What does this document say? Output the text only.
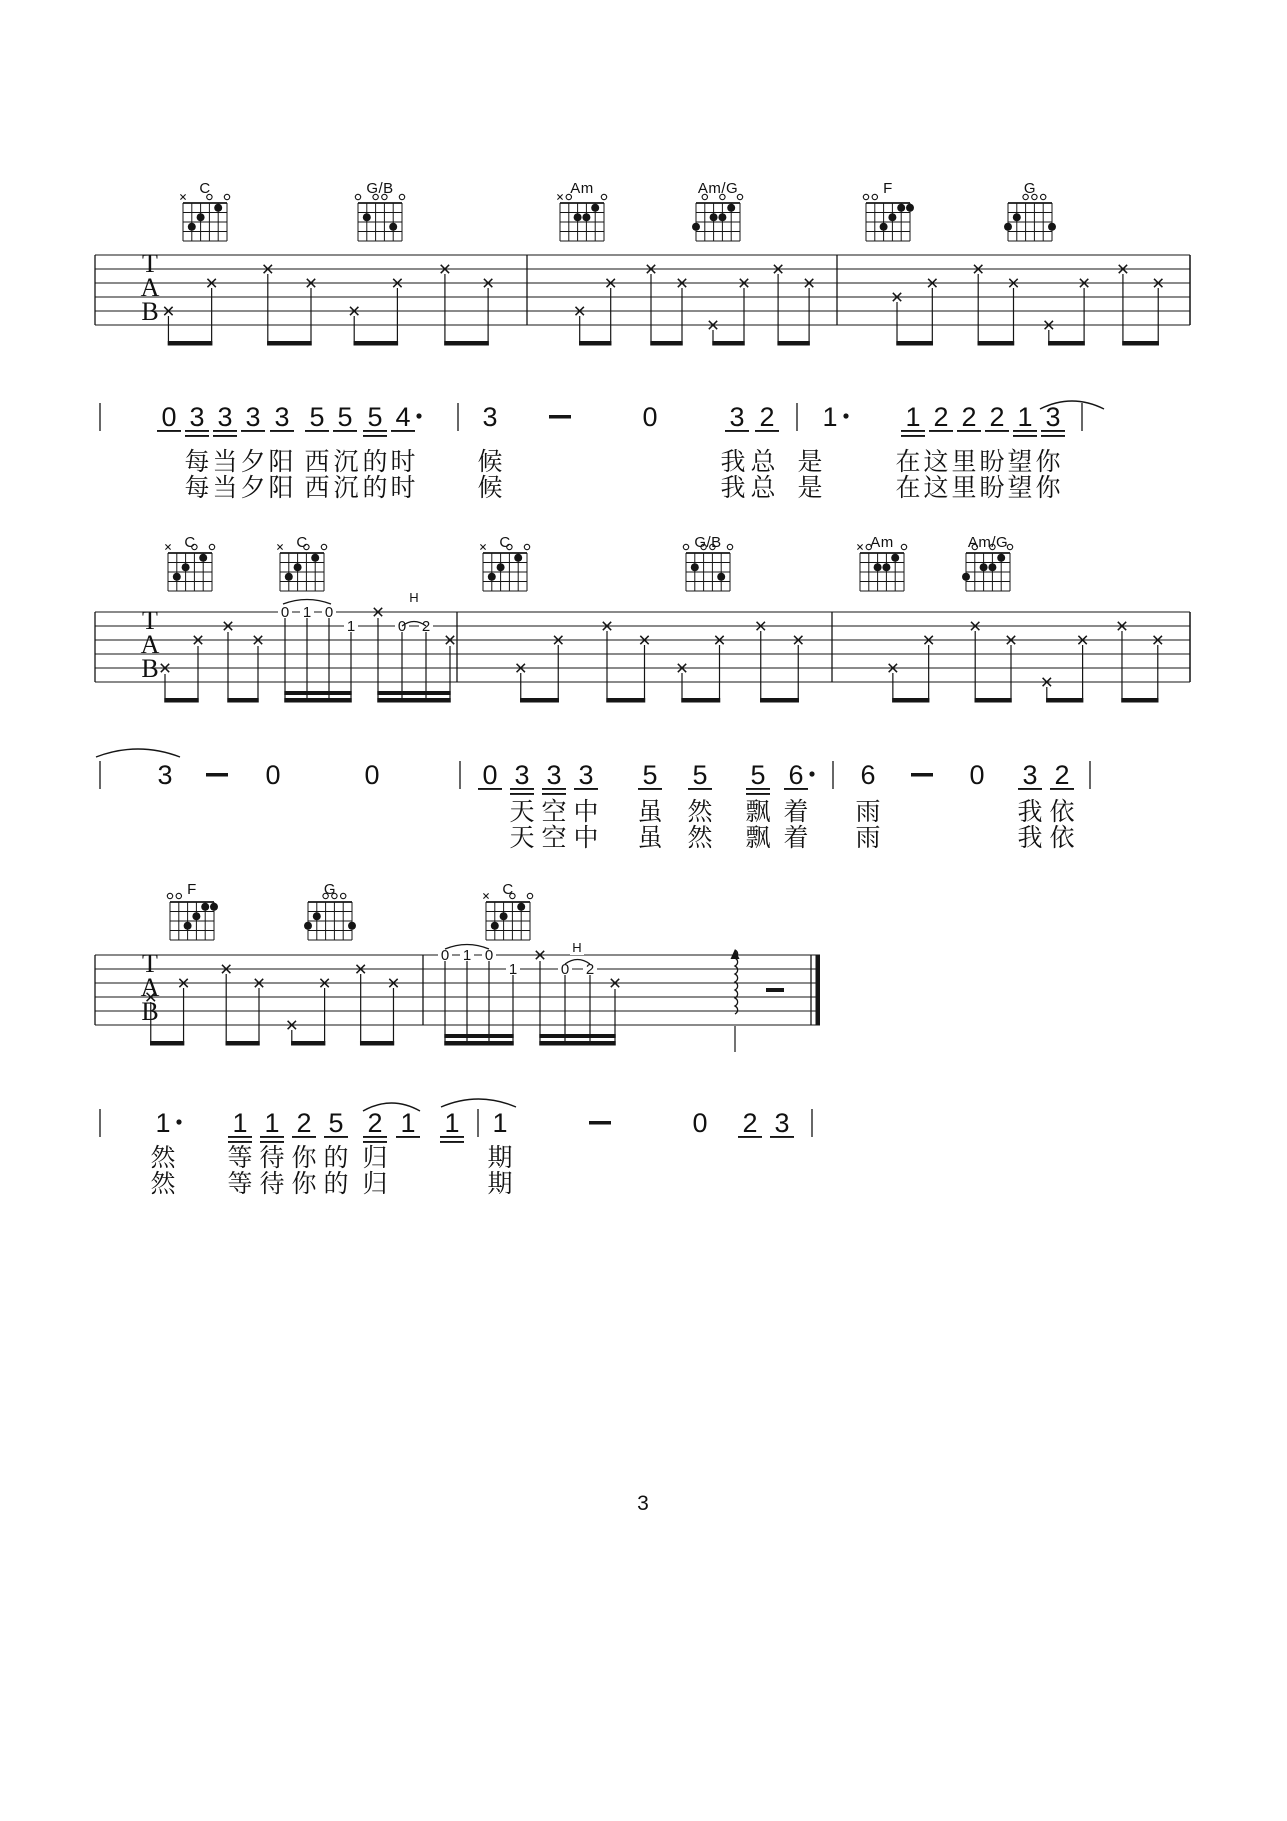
0 1 0
1	0 2
H
0 1 0
1	0 2
H
T
A
B
C	G/B	Am	Am/G	F	G
0 3 3 3 3 5 5 5 4	3	0	3 2 1	1 2 2 2 1 3
每当夕阳 西沉的
时 候	我 总 是	在这里盼望你
每当夕阳 西沉的
时 候	我 总 是	在这里盼望你
T
A
B
C	C	C	G/B	Am	Am/G
3	0	0	0 3 3 3 5 5 5 6 6	0 3 2
天空中 虽 然 飘 着 雨	我 依
天空中 虽 然 飘 着 雨	我 依
T
A
B
F	G	C
1 1 1 2 5 2 1 1 1	0 2 3
然 等待你的 归	期
然 等待你的 归	期
3
